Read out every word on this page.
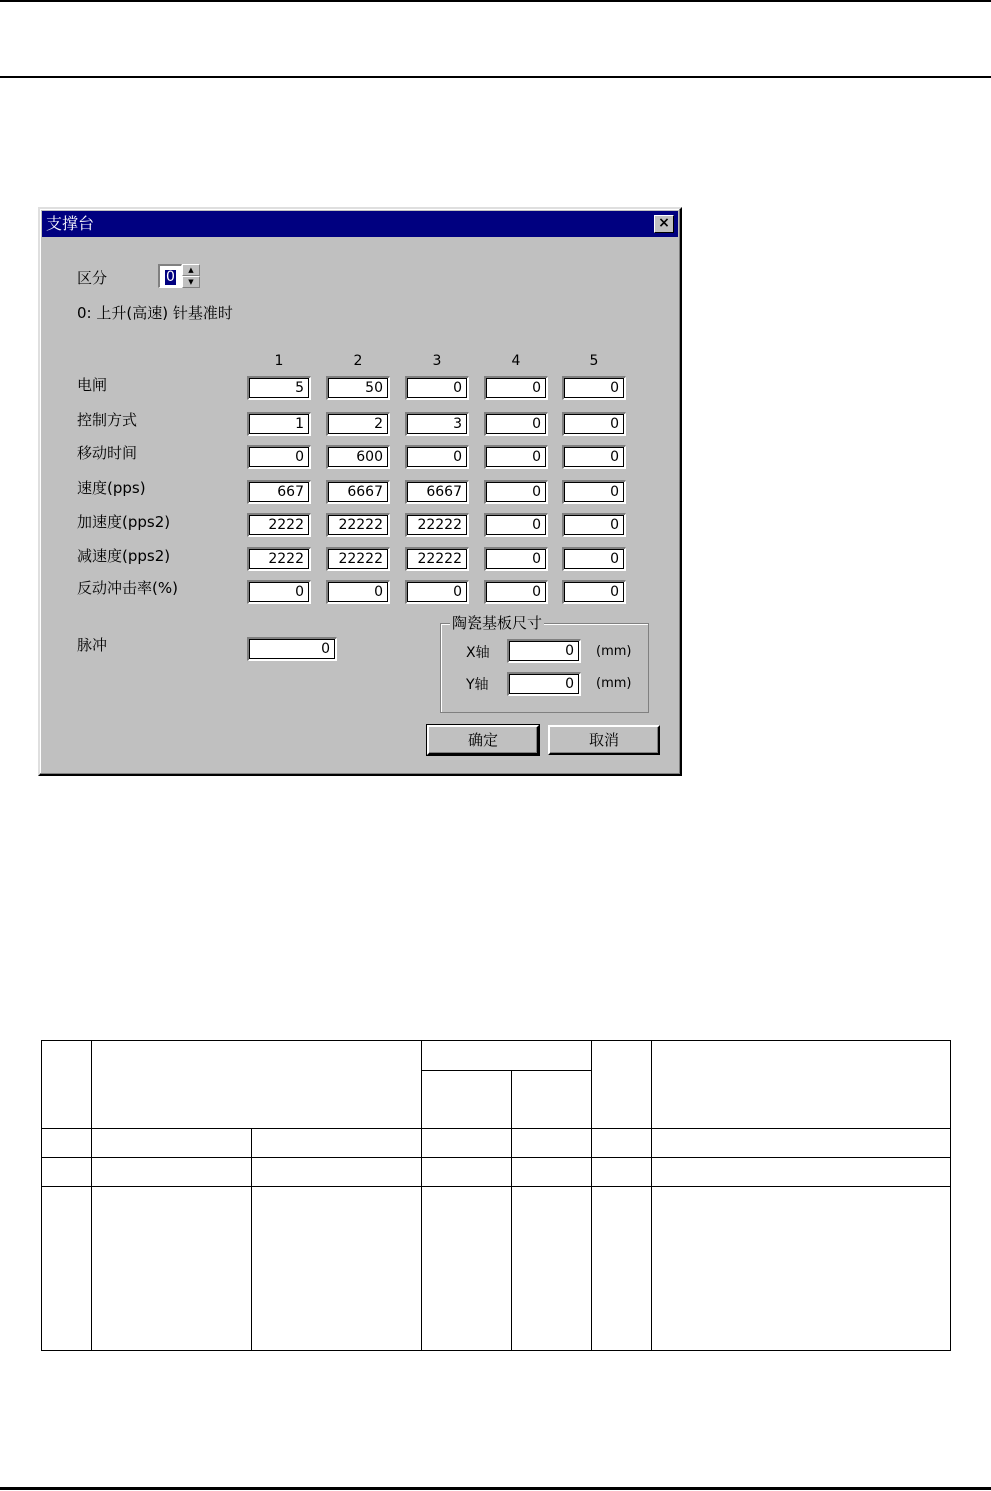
支撑台	×
区分	0	▲
▼
0: 上升(高速) 针基准时
1	2	3	4	5
电闸	5	50	0	0	0
控制方式	1	2	3	0	0
移动时间	0	600	0	0	0
速度(pps)	667	6667	6667	0	0
加速度(pps2)	2222	22222	22222	0	0
减速度(pps2)	2222	22222	22222	0	0
反动冲击率(%)	0	0	0	0	0
脉冲	0
陶瓷基板尺寸
X轴	0	(mm)
Y轴	0	(mm)
确定	取消
